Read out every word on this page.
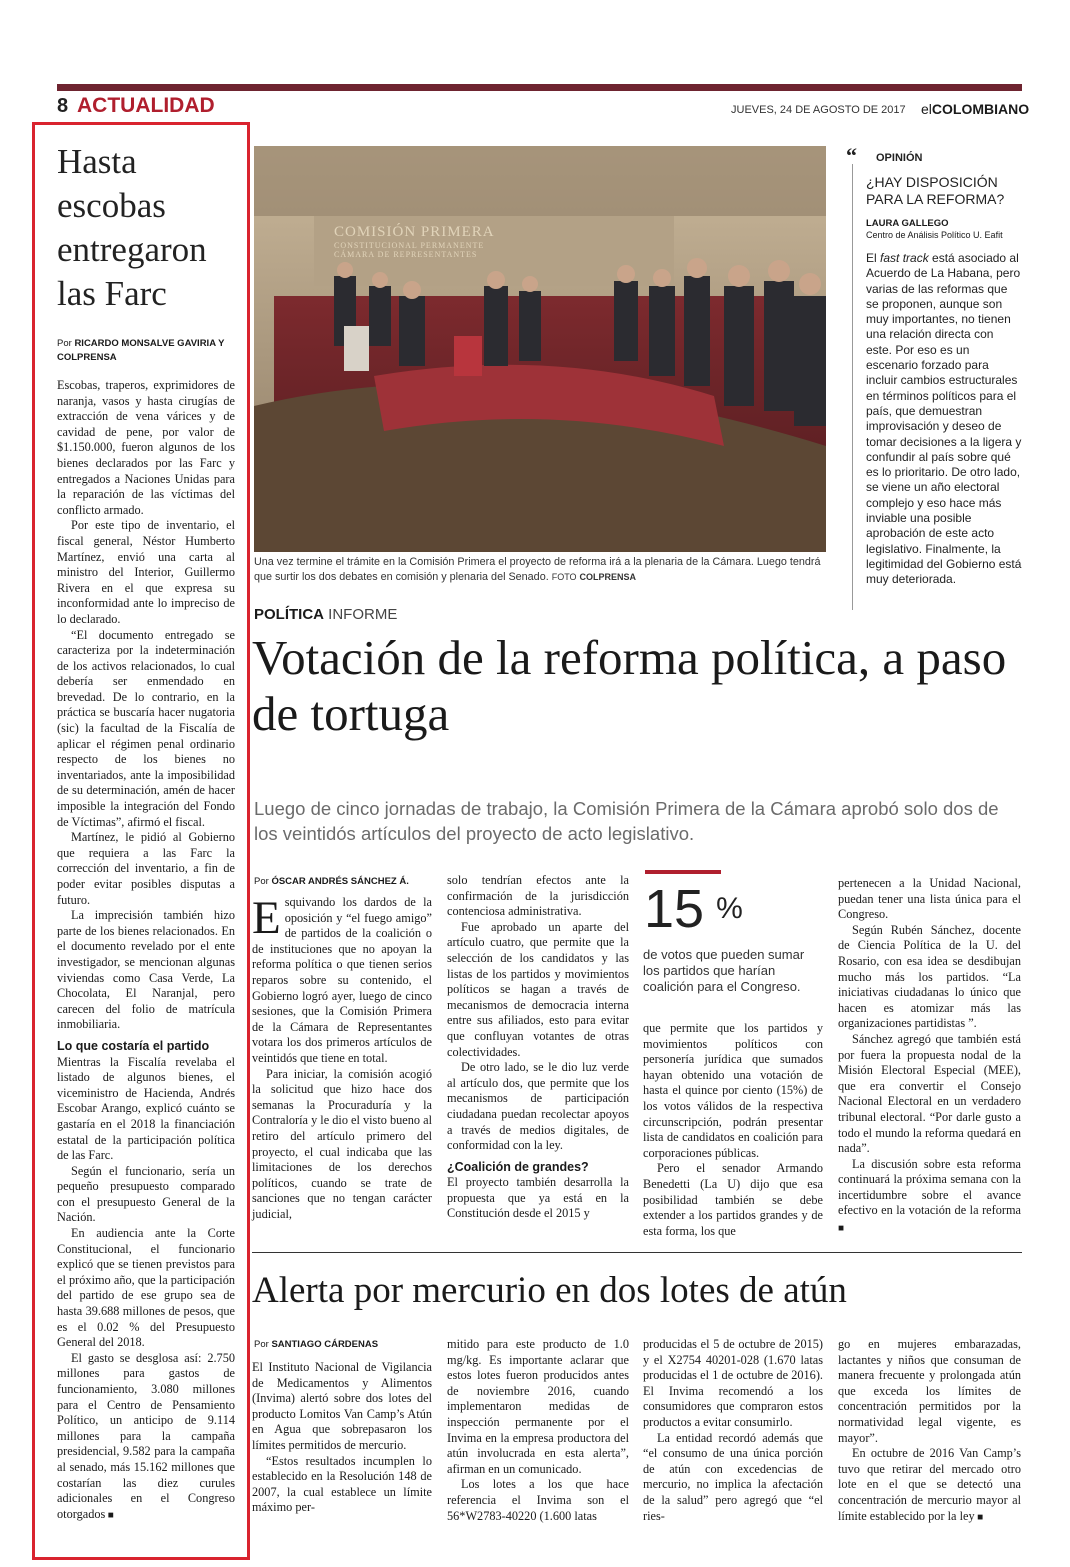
8 ACTUALIDAD	JUEVES, 24 DE AGOSTO DE 2017 elCOLOMBIANO
Hasta escobas entregaron las Farc
Por RICARDO MONSALVE GAVIRIA Y COLPRENSA

Escobas, traperos, exprimidores de naranja, vasos y hasta cirugías de extracción de vena várices y de cavidad de pene, por valor de $1.150.000, fueron algunos de los bienes declarados por las Farc y entregados a Naciones Unidas para la reparación de las víctimas del conflicto armado.

Por este tipo de inventario, el fiscal general, Néstor Humberto Martínez, envió una carta al ministro del Interior, Guillermo Rivera en el que expresa su inconformidad ante lo impreciso de lo declarado.

“El documento entregado se caracteriza por la indeterminación de los activos relacionados, lo cual debería ser enmendado en brevedad. De lo contrario, en la práctica se buscaría hacer nugatoria (sic) la facultad de la Fiscalía de aplicar el régimen penal ordinario respecto de los bienes no inventariados, ante la imposibilidad de su determinación, amén de hacer imposible la integración del Fondo de Víctimas”, afirmó el fiscal.

Martínez, le pidió al Gobierno que requiera a las Farc la corrección del inventario, a fin de poder evitar posibles disputas a futuro.

La imprecisión también hizo parte de los bienes relacionados. En el documento revelado por el ente investigador, se mencionan algunas viviendas como Casa Verde, La Chocolata, El Naranjal, pero carecen del folio de matrícula inmobiliaria.

Lo que costaría el partido

Mientras la Fiscalía revelaba el listado de algunos bienes, el viceministro de Hacienda, Andrés Escobar Arango, explicó cuánto se gastaría en el 2018 la financiación estatal de la participación política de las Farc.

Según el funcionario, sería un pequeño presupuesto comparado con el presupuesto General de la Nación.

En audiencia ante la Corte Constitucional, el funcionario explicó que se tienen previstos para el próximo año, que la participación del partido de ese grupo sea de hasta 39.688 millones de pesos, que es el 0.02 % del Presupuesto General del 2018.

El gasto se desglosa así: 2.750 millones para gastos de funcionamiento, 3.080 millones para el Centro de Pensamiento Político, un anticipo de 9.114 millones para la campaña presidencial, 9.582 para la campaña al senado, más 15.162 millones que costarían las diez curules adicionales en el Congreso otorgados ■

COMISIÓN PRIMERA
CONSTITUCIONAL PERMANENTE
CÁMARA DE REPRESENTANTES
Una vez termine el trámite en la Comisión Primera el proyecto de reforma irá a la plenaria de la Cámara. Luego tendrá que surtir los dos debates en comisión y plenaria del Senado. FOTO COLPRENSA
“	OPINIÓN
¿HAY DISPOSICIÓN PARA LA REFORMA?
LAURA GALLEGO
Centro de Análisis Político U. Eafit
El fast track está asociado al Acuerdo de La Habana, pero varias de las reformas que se proponen, aunque son muy importantes, no tienen una relación directa con este. Por eso es un escenario forzado para incluir cambios estructurales en términos políticos para el país, que demuestran improvisación y deseo de tomar decisiones a la ligera y confundir al país sobre qué es lo prioritario. De otro lado, se viene un año electoral complejo y eso hace más inviable una posible aprobación de este acto legislativo. Finalmente, la legitimidad del Gobierno está muy deteriorada.
POLÍTICA INFORME
Votación de la reforma política, a paso de tortuga
Luego de cinco jornadas de trabajo, la Comisión Primera de la Cámara aprobó solo dos de los veintidós artículos del proyecto de acto legislativo.
Por ÓSCAR ANDRÉS SÁNCHEZ Á.

Esquivando los dardos de la oposición y “el fuego amigo” de partidos de la coalición o de instituciones que no apoyan la reforma política o que tienen serios reparos sobre su contenido, el Gobierno logró ayer, luego de cinco sesiones, que la Comisión Primera de la Cámara de Representantes votara los dos primeros artículos de veintidós que tiene en total.

Para iniciar, la comisión acogió la solicitud que hizo hace dos semanas la Procuraduría y la Contraloría y le dio el visto bueno al retiro del artículo primero del proyecto, el cual indicaba que las limitaciones de los derechos políticos, cuando se trate de sanciones que no tengan carácter judicial,

solo tendrían efectos ante la confirmación de la jurisdicción contenciosa administrativa.

Fue aprobado un aparte del artículo cuatro, que permite que la selección de los candidatos y las listas de los partidos y movimientos políticos se hagan a través de mecanismos de democracia interna entre sus afiliados, esto para evitar que confluyan votantes de otras colectividades.

De otro lado, se le dio luz verde al artículo dos, que permite que los mecanismos de participación ciudadana puedan recolectar apoyos a través de medios digitales, de conformidad con la ley.

¿Coalición de grandes?

El proyecto también desarrolla la propuesta que ya está en la Constitución desde el 2015 y

15 %
de votos que pueden sumar los partidos que harían coalición para el Congreso.

que permite que los partidos y movimientos políticos con personería jurídica que sumados hayan obtenido una votación de hasta el quince por ciento (15%) de los votos válidos de la respectiva circunscripción, podrán presentar lista de candidatos en coalición para corporaciones públicas.

Pero el senador Armando Benedetti (La U) dijo que esa posibilidad también se debe extender a los partidos grandes y de esta forma, los que

pertenecen a la Unidad Nacional, puedan tener una lista única para el Congreso.

Según Rubén Sánchez, docente de Ciencia Política de la U. del Rosario, con esa idea se desdibujan mucho más los partidos. “La iniciativas ciudadanas lo único que hacen es atomizar más las organizaciones partidistas ”.

Sánchez agregó que también está por fuera la propuesta nodal de la Misión Electoral Especial (MEE), que era convertir el Consejo Nacional Electoral en un verdadero tribunal electoral. “Por darle gusto a todo el mundo la reforma quedará en nada”.

La discusión sobre esta reforma continuará la próxima semana con la incertidumbre sobre el avance efectivo en la votación de la reforma ■

Alerta por mercurio en dos lotes de atún
Por SANTIAGO CÁRDENAS

El Instituto Nacional de Vigilancia de Medicamentos y Alimentos (Invima) alertó sobre dos lotes del producto Lomitos Van Camp’s Atún en Agua que sobrepasaron los límites permitidos de mercurio.

“Estos resultados incumplen lo establecido en la Resolución 148 de 2007, la cual establece un límite máximo per-

mitido para este producto de 1.0 mg/kg. Es importante aclarar que estos lotes fueron producidos antes de noviembre 2016, cuando implementaron medidas de inspección permanente por el Invima en la empresa productora del atún involucrada en esta alerta”, afirman en un comunicado.

Los lotes a los que hace referencia el Invima son el 56*W2783-40220 (1.600 latas

producidas el 5 de octubre de 2015) y el X2754 40201-028 (1.670 latas producidas el 1 de octubre de 2016). El Invima recomendó a los consumidores que compraron estos productos a evitar consumirlo.

La entidad recordó además que “el consumo de una única porción de atún con excedencias de mercurio, no implica la afectación de la salud” pero agregó que “el ries-

go en mujeres embarazadas, lactantes y niños que consuman de manera frecuente y prolongada atún que exceda los límites de concentración permitidos por la normatividad legal vigente, es mayor”.

En octubre de 2016 Van Camp’s tuvo que retirar del mercado otro lote en el que se detectó una concentración de mercurio mayor al límite establecido por la ley ■
